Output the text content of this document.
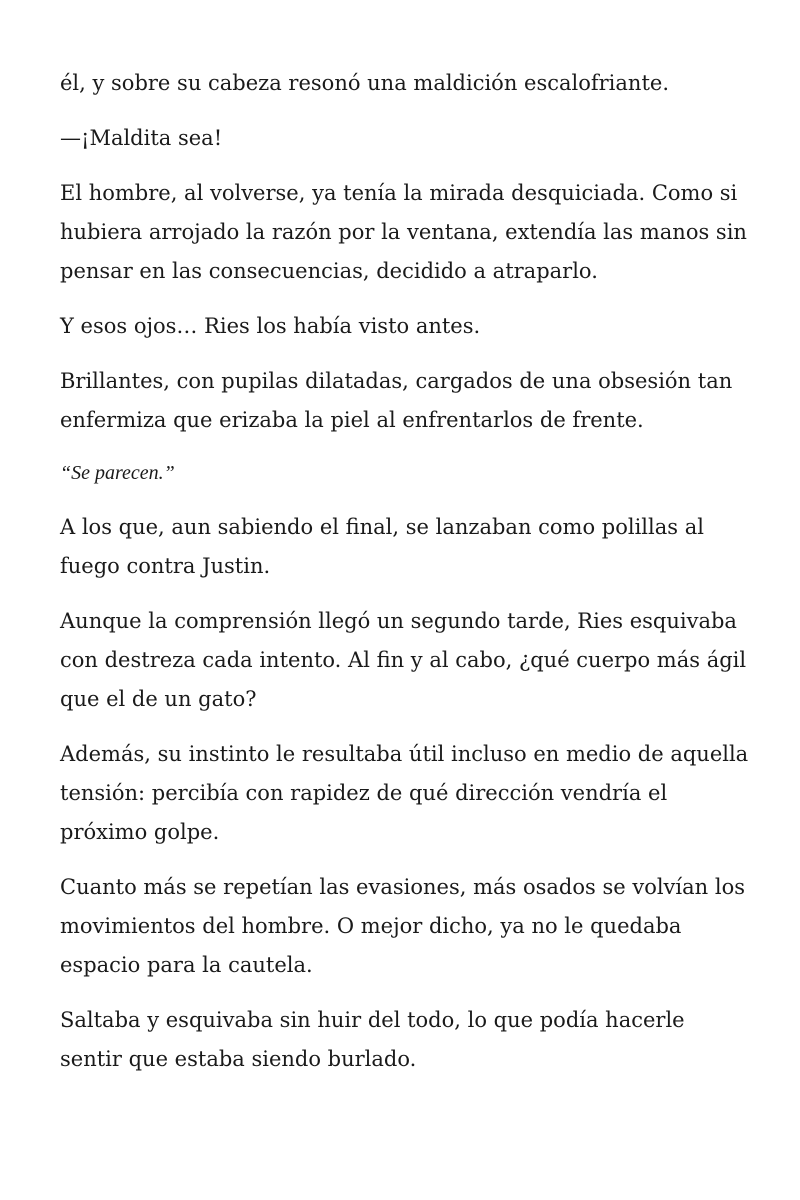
él, y sobre su cabeza resonó una maldición escalofriante.

—¡Maldita sea!

El hombre, al volverse, ya tenía la mirada desquiciada. Como si hubiera arrojado la razón por la ventana, extendía las manos sin pensar en las consecuencias, decidido a atraparlo.

Y esos ojos… Ries los había visto antes.

Brillantes, con pupilas dilatadas, cargados de una obsesión tan enfermiza que erizaba la piel al enfrentarlos de frente.

“Se parecen.”

A los que, aun sabiendo el final, se lanzaban como polillas al fuego contra Justin.

Aunque la comprensión llegó un segundo tarde, Ries esquivaba con destreza cada intento. Al fin y al cabo, ¿qué cuerpo más ágil que el de un gato?

Además, su instinto le resultaba útil incluso en medio de aquella tensión: percibía con rapidez de qué dirección vendría el próximo golpe.

Cuanto más se repetían las evasiones, más osados se volvían los movimientos del hombre. O mejor dicho, ya no le quedaba espacio para la cautela.

Saltaba y esquivaba sin huir del todo, lo que podía hacerle sentir que estaba siendo burlado.
